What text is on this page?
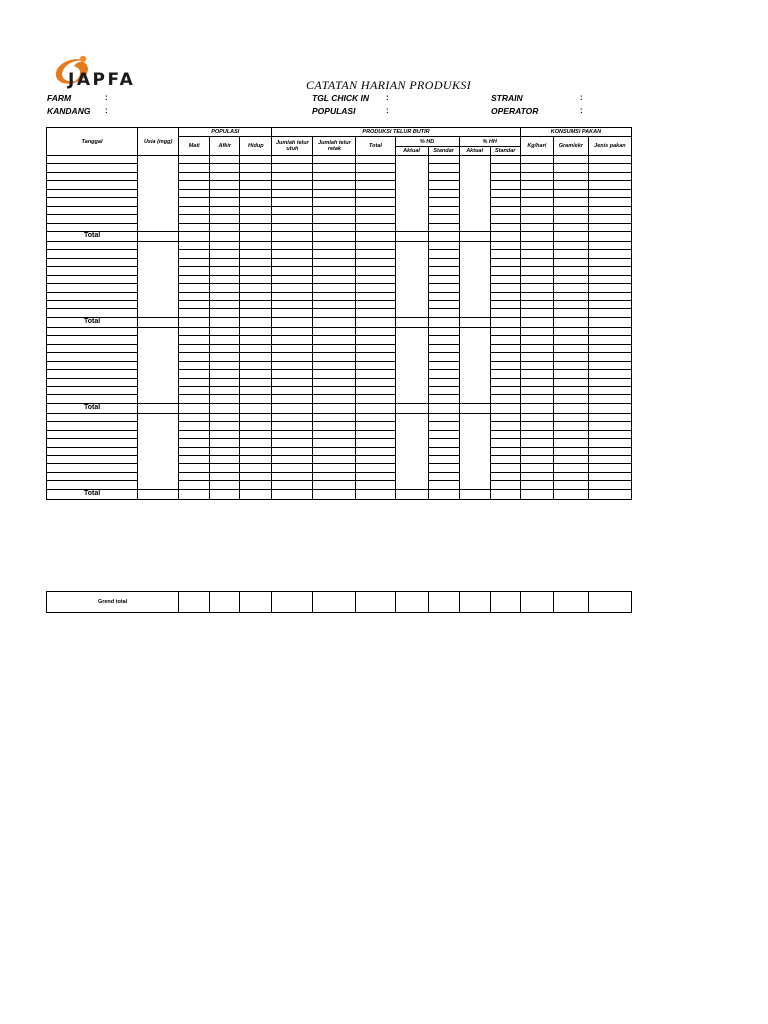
JAPFA	CATATAN HARIAN PRODUKSI
FARM	:
KANDANG :
TGL CHICK IN :
POPULASI	:
STRAIN	:
OPERATOR	:
Tanggal	Usia (mgg)	POPULASI			PRODUKSI TELUR BUTIR							KONSUMSI PAKAN		
		Mati	Afkir	Hidup	Jumlah telur utuh	Jumlah telur retak	Total	% HD		% HH		Kg/hari	Gram/ekr	Jenis pakan
								Aktual	Standar	Aktual	Standar			

Total														

Total														

Total														

Total														
Grend total													
